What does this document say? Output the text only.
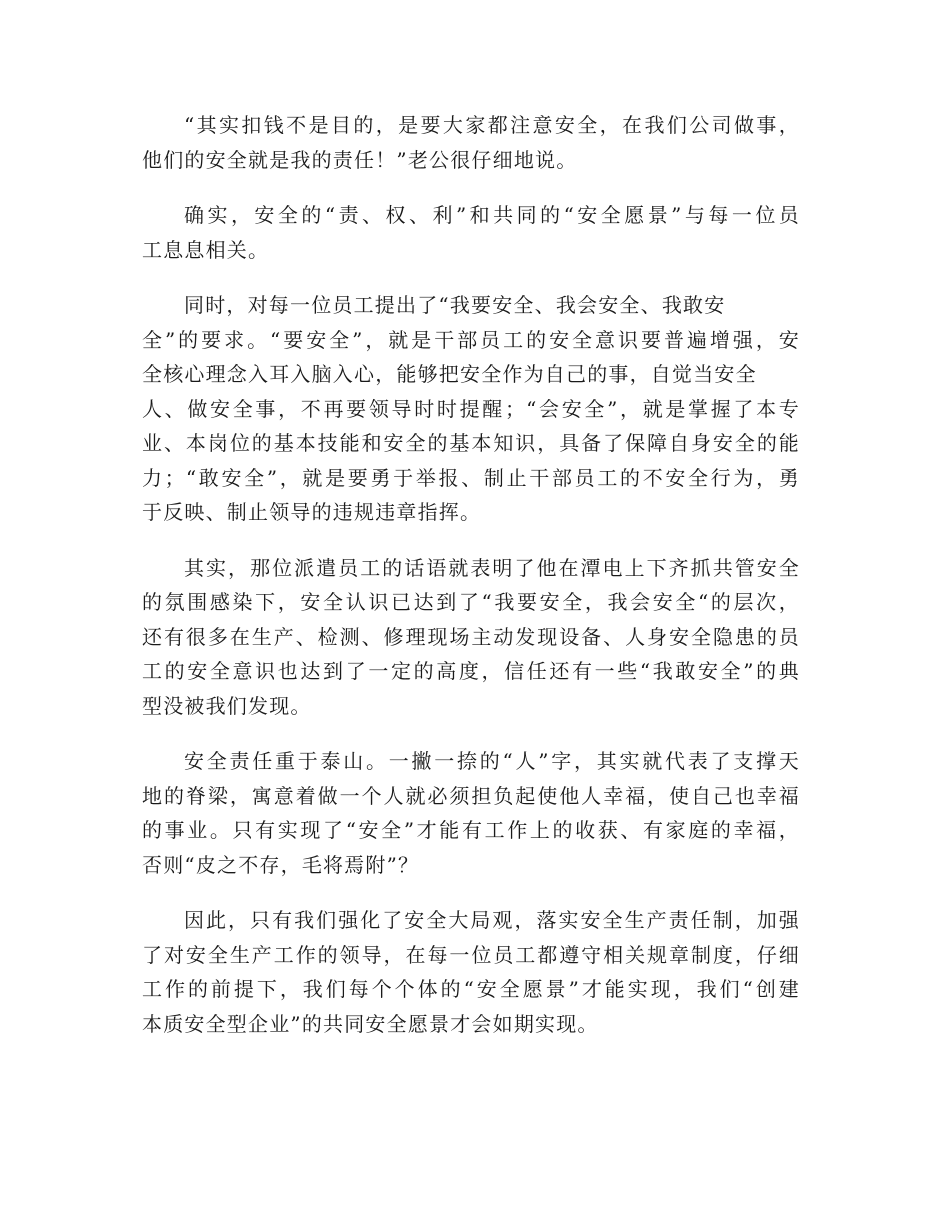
“其实扣钱不是目的，是要大家都注意安全，在我们公司做事，
他们的安全就是我的责任！”老公很仔细地说。
确实，安全的“责、权、利”和共同的“安全愿景”与每一位员
工息息相关。
同时，对每一位员工提出了“我要安全、我会安全、我敢安
全”的要求。“要安全”，就是干部员工的安全意识要普遍增强，安
全核心理念入耳入脑入心，能够把安全作为自己的事，自觉当安全
人、做安全事，不再要领导时时提醒；“会安全”，就是掌握了本专
业、本岗位的基本技能和安全的基本知识，具备了保障自身安全的能
力；“敢安全”，就是要勇于举报、制止干部员工的不安全行为，勇
于反映、制止领导的违规违章指挥。
其实，那位派遣员工的话语就表明了他在潭电上下齐抓共管安全
的氛围感染下，安全认识已达到了“我要安全，我会安全“的层次，
还有很多在生产、检测、修理现场主动发现设备、人身安全隐患的员
工的安全意识也达到了一定的高度，信任还有一些“我敢安全”的典
型没被我们发现。
安全责任重于泰山。一撇一捺的“人”字，其实就代表了支撑天
地的脊梁，寓意着做一个人就必须担负起使他人幸福，使自己也幸福
的事业。只有实现了“安全”才能有工作上的收获、有家庭的幸福，
否则“皮之不存，毛将焉附”？
因此，只有我们强化了安全大局观，落实安全生产责任制，加强
了对安全生产工作的领导，在每一位员工都遵守相关规章制度，仔细
工作的前提下，我们每个个体的“安全愿景”才能实现，我们“创建
本质安全型企业”的共同安全愿景才会如期实现。
